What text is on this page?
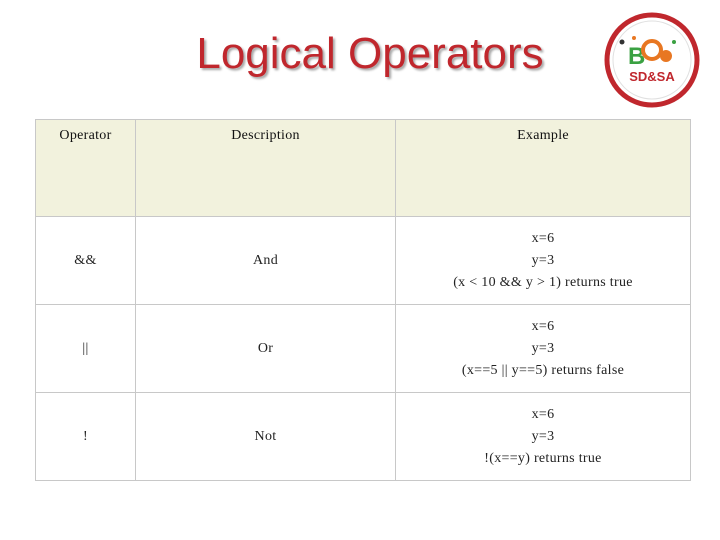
Logical Operators	B
SD&SA
Operator	Description	Example
&&	And	x=6
y=3
(x < 10 && y > 1) returns true

||	Or	x=6
y=3
(x==5 || y==5) returns false

!	Not	x=6
y=3
!(x==y) returns true
